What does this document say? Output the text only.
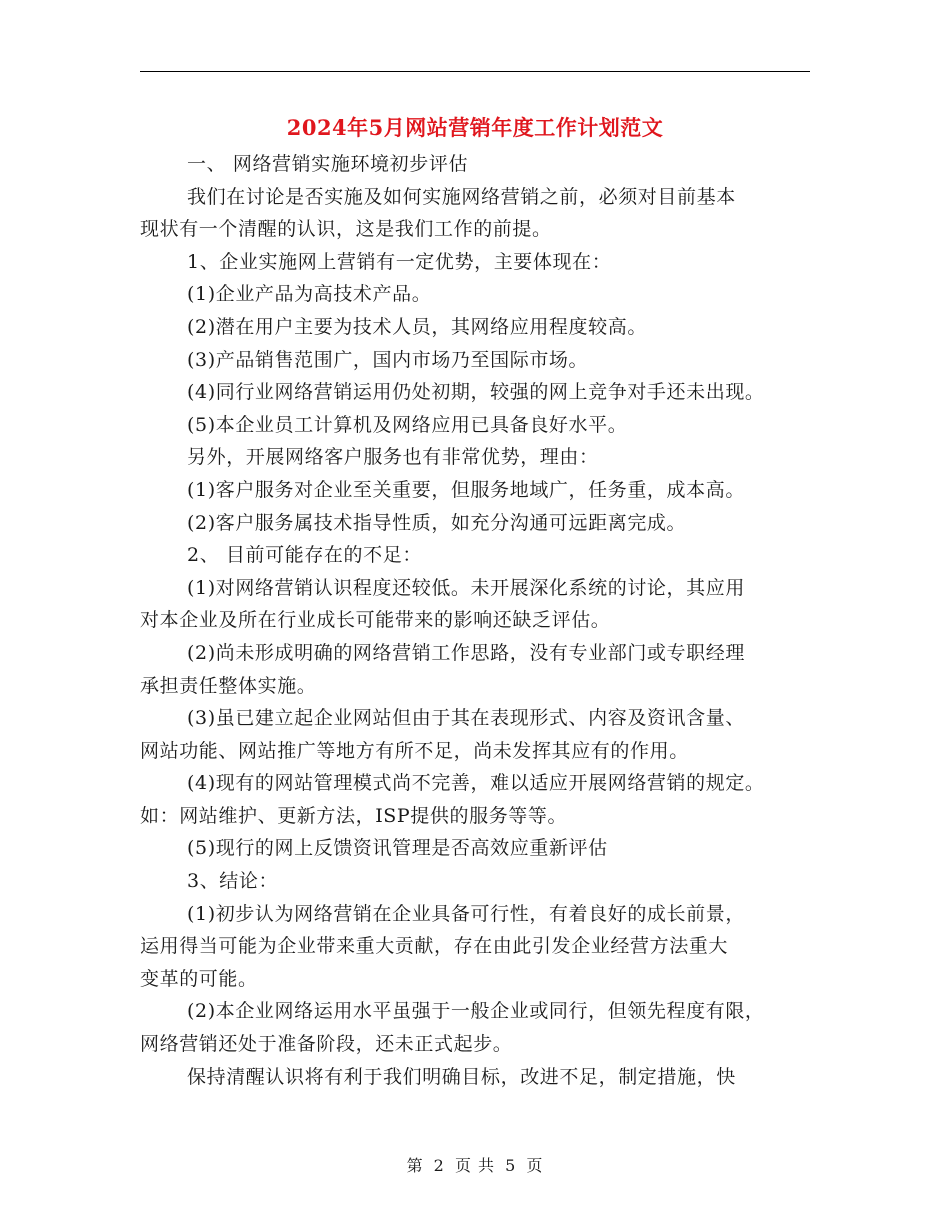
2024年5月网站营销年度工作计划范文
一、 网络营销实施环境初步评估
我们在讨论是否实施及如何实施网络营销之前，必须对目前基本
现状有一个清醒的认识，这是我们工作的前提。
1、企业实施网上营销有一定优势，主要体现在：
(1)企业产品为高技术产品。
(2)潜在用户主要为技术人员，其网络应用程度较高。
(3)产品销售范围广，国内市场乃至国际市场。
(4)同行业网络营销运用仍处初期，较强的网上竞争对手还未出现。
(5)本企业员工计算机及网络应用已具备良好水平。
另外，开展网络客户服务也有非常优势，理由：
(1)客户服务对企业至关重要，但服务地域广，任务重，成本高。
(2)客户服务属技术指导性质，如充分沟通可远距离完成。
2、 目前可能存在的不足：
(1)对网络营销认识程度还较低。未开展深化系统的讨论，其应用
对本企业及所在行业成长可能带来的影响还缺乏评估。
(2)尚未形成明确的网络营销工作思路，没有专业部门或专职经理
承担责任整体实施。
(3)虽已建立起企业网站但由于其在表现形式、内容及资讯含量、
网站功能、网站推广等地方有所不足，尚未发挥其应有的作用。
(4)现有的网站管理模式尚不完善，难以适应开展网络营销的规定。
如：网站维护、更新方法，ISP提供的服务等等。
(5)现行的网上反馈资讯管理是否高效应重新评估
3、结论：
(1)初步认为网络营销在企业具备可行性，有着良好的成长前景，
运用得当可能为企业带来重大贡献，存在由此引发企业经营方法重大
变革的可能。
(2)本企业网络运用水平虽强于一般企业或同行，但领先程度有限，
网络营销还处于准备阶段，还未正式起步。
保持清醒认识将有利于我们明确目标，改进不足，制定措施，快
第 2 页 共 5 页
